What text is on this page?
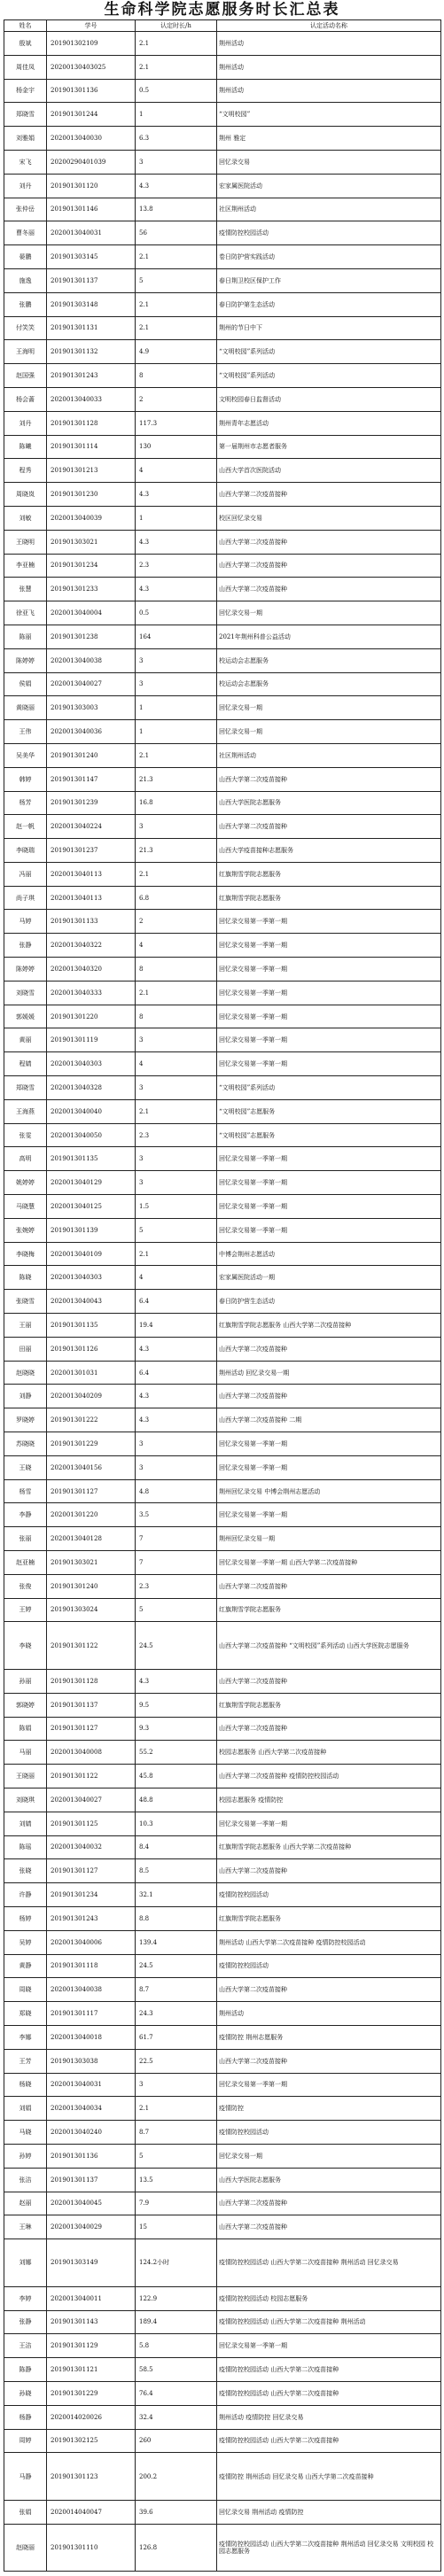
生命科学院志愿服务时长汇总表
姓名	学号	认定时长/h	认定活动名称
殷斌	20190130210​9	2.1	荆州活动
周佳凤	2020013040302​5	2.1	荆州活动
杨金宇	201901301136	0.5	荆州活动
郑晓雪	201901301244	1	“文明校园”
刘雅娟	202001304003​0	6.3	荆州 雅定
宋飞	2020029040103​9	3	回忆录交易
刘丹	201901301120	4.3	宏家属医院活动
张仲岳	201901301146	13.8	社区荆州活动
曹冬丽	202001304003​1	56	疫情防控校园活动
晏鹏	201901303145	2.1	卷日防护营实践活动
施逸	201901301137	5	春日荆卫校区保护工作
张鹏	201901303148	2.1	春日防护第生态活动
付笑笑	201901301131	2.1	荆州的节日中下
王海明	201901301132	4.9	“文明校园”系列活动
赵国强	201901301243	8	“文明校园”系列活动
杨会蔷	202001304003​3	2	文明校园春日监督活动
刘丹	201901301128	117.3	荆州青年志愿活动
陈曦	201901301114	130	第一届荆州市志愿者服务
程秀	201901301213	4	山西大学首次医院活动
周晓岚	201901301230	4.3	山西大学第二次疫苗接种
刘敏	202001304003​9	1	校区回忆录交易
王晓明	201901303021	4.3	山西大学第二次疫苗接种
李亚楠	201901301234	2.3	山西大学第二次疫苗接种
张慧	201901301233	4.3	山西大学第二次疫苗接种
徐亚飞	202001304000​4	0.5	回忆录交易一期
陈丽	201901301238	164	2021年荆州科普公益活动
陈婷婷	202001304003​8	3	校运动会志愿服务
侯娟	202001304002​7	3	校运动会志愿服务
黄晓丽	201901303003	1	回忆录交易一期
王伟	202001304003​6	1	回忆录交易一期
吴美华	201901301240	2.1	社区荆州活动
韩婷	201901301147	21.3	山西大学第二次疫苗接种
杨芳	201901301239	16.8	山西大学医院志愿服务
赵一帆	202001304022​4	3	山西大学第二次疫苗接种
李晓瑞	201901301237	21.3	山西大学疫苗接种志愿服务
冯丽	202001304011​3	2.1	红旗荆雪学院志愿服务
尚子琪	202001304011​3	6.8	红旗荆雪学院志愿服务
马婷	201901301133	2	回忆录交易第一季第一期
张静	202001304032​2	4	回忆录交易第一季第一期
陈婷婷	202001304032​0	8	回忆录交易第一季第一期
刘晓雪	202001304033​3	2.1	回忆录交易第一季第一期
郭媛媛	201901301220	8	回忆录交易第一季第一期
黄丽	201901301119	3	回忆录交易第一季第一期
程婧	202001304030​3	4	回忆录交易第一季第一期
郑晓雪	202001304032​8	3	“文明校园”系列活动
王海燕	202001304004​0	2.1	“文明校园”志愿服务
张雯	202001304005​0	2.3	“文明校园”志愿服务
高明	201901301135	3	回忆录交易第一季第一期
姚婷婷	202001304012​9	3	回忆录交易第一季第一期
马晓慧	202001304012​5	1.5	回忆录交易第一季第一期
张婉婷	201901301139	5	回忆录交易第一季第一期
李晓梅	202001304010​9	2.1	中博会荆州志愿活动
陈晓	202001304030​3	4	宏家属医院活动一期
张晓雪	202001304004​3	6.4	春日防护营生态活动
王丽	201901301135	19.4	红旗荆雪学院志愿服务 山西大学第二次疫苗接种
田丽	201901301126	4.3	山西大学第二次疫苗接种
赵晓晓	202001301031	6.4	荆州活动 回忆录交易一期
刘静	202001304020​9	4.3	山西大学第二次疫苗接种
罗晓婷	201901301222	4.3	山西大学第二次疫苗接种 二期
苏晓晓	201901301229	3	回忆录交易第一季第一期
王晓	202001304015​6	3	回忆录交易第一季第一期
杨雪	201901301127	4.8	荆州回忆录交易 中博会荆州志愿活动
李静	202001301220	3.5	回忆录交易第一季第一期
张丽	202001304012​8	7	荆州回忆录交易一期
赵亚楠	201901303021	7	回忆录交易第一季第一期 山西大学第二次疫苗接种
张俊	201901301240	2.3	山西大学第二次疫苗接种
王婷	201901303024	5	红旗荆雪学院志愿服务
李晓	201901301122	24.5	山西大学第二次疫苗接种 “文明校园”系列活动 山西大学医院志愿服务
孙丽	201901301128	4.3	山西大学第二次疫苗接种
郭晓婷	201901301137	9.5	红旗荆雪学院志愿服务
陈娟	201901301127	9.3	山西大学第二次疫苗接种
马丽	202001304000​8	55.2	校园志愿服务 山西大学第二次疫苗接种
王晓丽	201901301122	45.8	山西大学第二次疫苗接种 疫情防控校园活动
刘晓琪	202001304002​7	48.8	校园志愿服务 疫情防控
刘婧	201901301125	10.3	回忆录交易第一季第一期
陈瑶	202001304003​2	8.4	红旗荆雪学院志愿服务 山西大学第二次疫苗接种
张晓	201901301127	8.5	山西大学第二次疫苗接种
许静	201901301234	32.1	疫情防控校园活动
杨婷	201901301243	8.8	红旗荆雪学院志愿服务
吴婷	202001304000​6	139.4	荆州活动 山西大学第二次疫苗接种 疫情防控校园活动
黄静	201901301118	24.5	疫情防控校园活动
周晓	202001304003​8	8.7	山西大学第二次疫苗接种
郑晓	201901301117	24.3	荆州活动
李娜	202001304001​8	61.7	疫情防控 荆州志愿服务
王芳	201901303038	22.5	山西大学第二次疫苗接种
杨晓	202001304003​1	3	回忆录交易第一季第一期
刘娟	202001304003​4	2.1	疫情防控
马晓	202001304024​0	8.7	疫情防控校园活动
孙婷	201901301136	5	回忆录交易一期
张洁	201901301137	13.5	山西大学医院志愿服务
赵丽	202001304004​5	7.9	山西大学第二次疫苗接种
王琳	202001304002​9	15	山西大学第二次疫苗接种
刘娜	201901303149	124.2小时	疫情防控校园活动 山西大学第二次疫苗接种 荆州活动 回忆录交易
李婷	202001304001​1	122.9	疫情防控校园活动 校园志愿服务
张静	201901301143	189.4	疫情防控校园活动 山西大学第二次疫苗接种 荆州活动
王洁	201901301129	5.8	回忆录交易第一季第一期
陈静	201901301121	58.5	疫情防控校园活动 山西大学第二次疫苗接种
孙晓	201901301229	76.4	疫情防控校园活动 山西大学第二次疫苗接种
杨静	202001402002​6	32.4	荆州活动 疫情防控 回忆录交易
周婷	201901302125	260	疫情防控校园活动 山西大学第二次疫苗接种
马静	201901301123	200.2	疫情防控 荆州活动 回忆录交易 山西大学第二次疫苗接种
张娟	202001404004​7	39.6	回忆录交易 荆州活动 疫情防控
赵晓丽	201901301110	126.8	疫情防控校园活动 山西大学第二次疫苗接种 荆州活动 回忆录交易 文明校园 校园志愿服务
